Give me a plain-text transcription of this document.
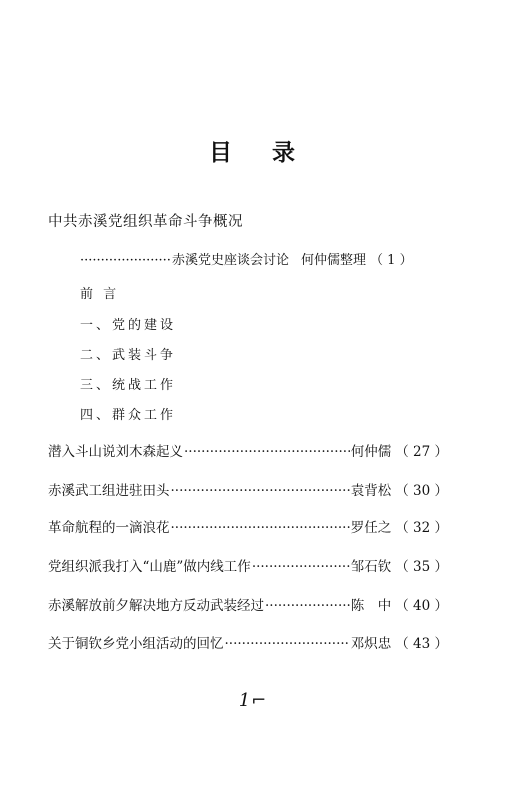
目 录
中共赤溪党组织革命斗争概况
·····
赤溪党史座谈会讨论 何仲儒整理 （ 1 ）
前 言
一、党的建设
二、武装斗争
三、统战工作
四、群众工作
潜入斗山说刘木森起义 ·····	何仲儒 （ 27 ）
赤溪武工组进驻田头 ·····	袁背松 （ 30 ）
革命航程的一滴浪花 ·····	罗任之 （ 32 ）
党组织派我打入“山鹿”做内线工作 ·····	邹石钦 （ 35 ）
赤溪解放前夕解决地方反动武装经过 ·····	陈　中 （ 40 ）
关于铜钦乡党小组活动的回忆 ·····	邓炽忠 （ 43 ）
1⌐
